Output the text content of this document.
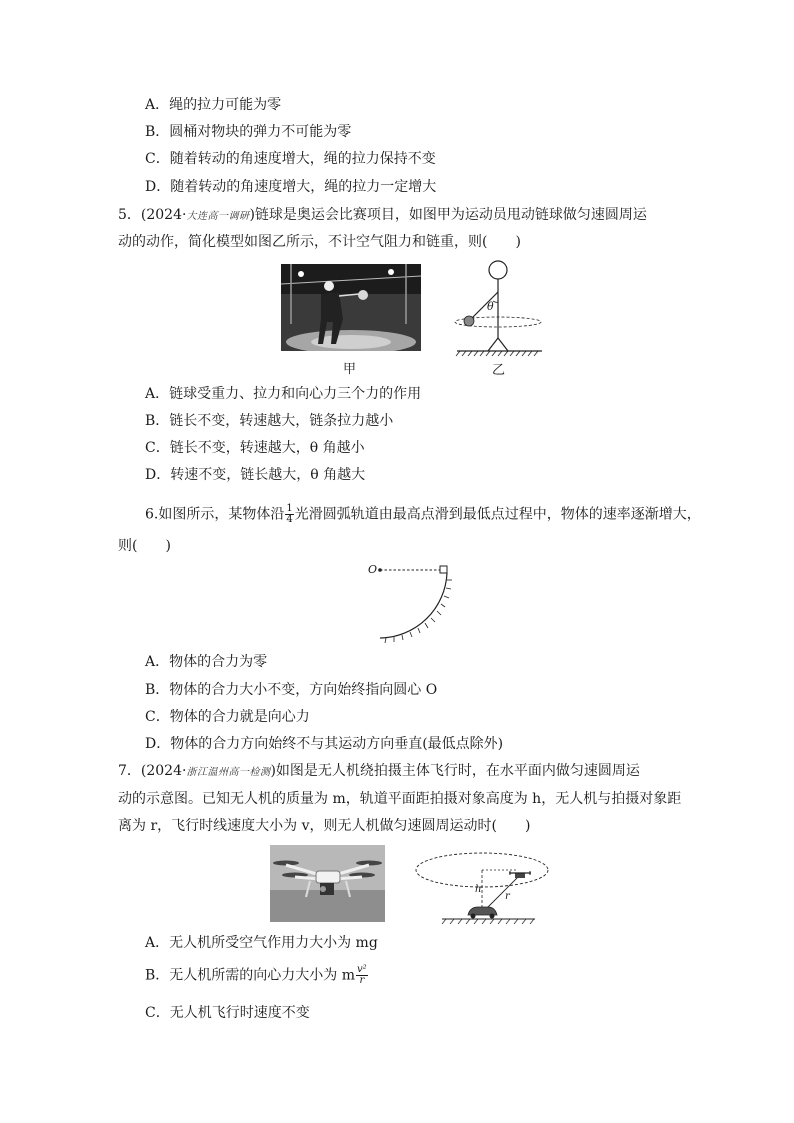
A．绳的拉力可能为零
B．圆桶对物块的弹力不可能为零
C．随着转动的角速度增大，绳的拉力保持不变
D．随着转动的角速度增大，绳的拉力一定增大
5．(2024·大连高一调研)链球是奥运会比赛项目，如图甲为运动员甩动链球做匀速圆周运
动的动作，简化模型如图乙所示，不计空气阻力和链重，则(　　)
甲
θ
乙
A．链球受重力、拉力和向心力三个力的作用
B．链长不变，转速越大，链条拉力越小
C．链长不变，转速越大，θ 角越小
D．转速不变，链长越大，θ 角越大
6.如图所示，某物体沿 $\frac{1}{4}$ 光滑圆弧轨道由最高点滑到最低点过程中，物体的速率逐渐增大，
则(　　)
O
A．物体的合力为零
B．物体的合力大小不变，方向始终指向圆心 O
C．物体的合力就是向心力
D．物体的合力方向始终不与其运动方向垂直(最低点除外)
7．(2024·浙江温州高一检测)如图是无人机绕拍摄主体飞行时，在水平面内做匀速圆周运
动的示意图。已知无人机的质量为 m，轨道平面距拍摄对象高度为 h，无人机与拍摄对象距
离为 r，飞行时线速度大小为 v，则无人机做匀速圆周运动时(　　)
h
r
A．无人机所受空气作用力大小为 mg
B．无人机所需的向心力大小为 m $\frac{\text{v²}}{r}$
C．无人机飞行时速度不变
